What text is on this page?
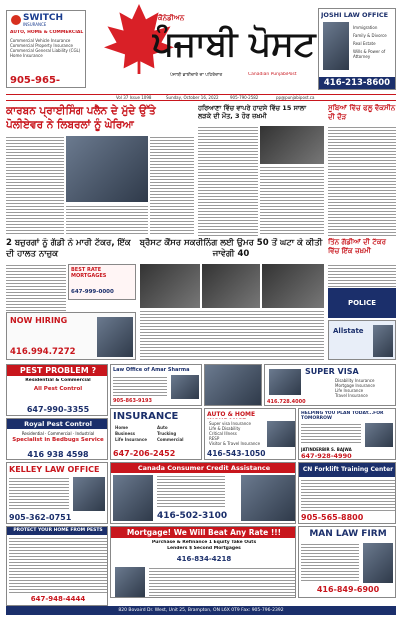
SWITCH
INSURANCE
AUTO, HOME & COMMERCIAL
Commercial Vehicle Insurance
Commercial Property Insurance
Commercial General Liability (CGL)
Home Insurance
905-965-
ਕੈਨੇਡੀਅਨ
ਪੰਜਾਬੀ ਪੋਸਟ
ਪੰਜਾਬੀ ਭਾਈਚਾਰੇ ਦਾ ਪਹਿਰੇਦਾਰ	Canadian PunjabiPost
JOSHI LAW OFFICE
Immigration
Family & Divorce
Real Estate
Wills & Power of Attorney
416-213-8600
Vol 37 Issue 1098	Sunday, October 16, 2022	905-790-2582	pp@punjabipost.ca
ਕਾਰਬਨ ਪ੍ਰਾਈਸਿੰਗ ਪਲੈਨ ਦੇ ਮੁੱਦੇ ਉੱਤੇ ਪੋਲੀਏਵਰ ਨੇ ਲਿਬਰਲਾਂ ਨੂੰ ਘੇਰਿਆ
ਹਰਿਆਣਾ ਵਿੱਚ ਵਾਪਰੇ ਹਾਦਸੇ ਵਿੱਚ 15 ਸਾਲਾ ਲੜਕੇ ਦੀ ਮੌਤ, 3 ਹੋਰ ਜ਼ਖ਼ਮੀ
ਸੂਬਿਆਂ ਵਿੱਚ ਫਲੂ ਵੈਕਸੀਨ ਦੀ ਦੌੜ
2 ਬਜ਼ੁਰਗਾਂ ਨੂੰ ਗੱਡੀ ਨੇ ਮਾਰੀ ਟੱਕਰ, ਇੱਕ ਦੀ ਹਾਲਤ ਨਾਜ਼ੁਕ
ਬ੍ਰੈਸਟ ਕੈਂਸਰ ਸਕਰੀਨਿੰਗ ਲਈ ਉਮਰ 50 ਤੋਂ ਘਟਾ ਕੇ ਕੀਤੀ ਜਾਵੇਗੀ 40
ਤਿੰਨ ਗੱਡੀਆਂ ਦੀ ਟੱਕਰ ਵਿੱਚ ਇੱਕ ਜ਼ਖ਼ਮੀ
BEST RATE MORTGAGES
647-999-0000
POLICE
NOW HIRING
416.994.7272
Allstate
PEST PROBLEM ?
Residential & Commercial
All Pest Control
647-990-3355
Law Office of Amar Sharma
905-863-9193
SUPER VISA
Disability Insurance
Mortgage Insurance
Life Insurance
Travel Insurance
416.728.4000
INSURANCE
Home	Auto
Business	Trucking
Life Insurance	Commercial
647-206-2452
AUTO & HOME
Super visa Insurance
Life & Disability
Critical Illness
RESP
Visitor & Travel Insurance
416-543-1050
HELPING YOU PLAN TODAY...FOR TOMORROW
JATINDERBIR S. BAJWA
647-928-4990
Royal Pest Control
Residential · Commercial · Industrial
Specialist in Bedbugs Service
416 938 4598
KELLEY LAW OFFICE
905-362-0751
Canada Consumer Credit Assistance
416-502-3100
CN Forklift Training Center
905-565-8800
PROTECT YOUR HOME FROM PESTS
647-948-4444
Mortgage! We Will Beat Any Rate !!!
Purchase & Refinance 1 Equity Take Outs
Lenders $ Second Mortgages
416-834-4218
MAN LAW FIRM
416-849-6900
820 Bovaird Dr. West, Unit 25, Brampton, ON L6X 0T9 Fax: 905-796-2392
